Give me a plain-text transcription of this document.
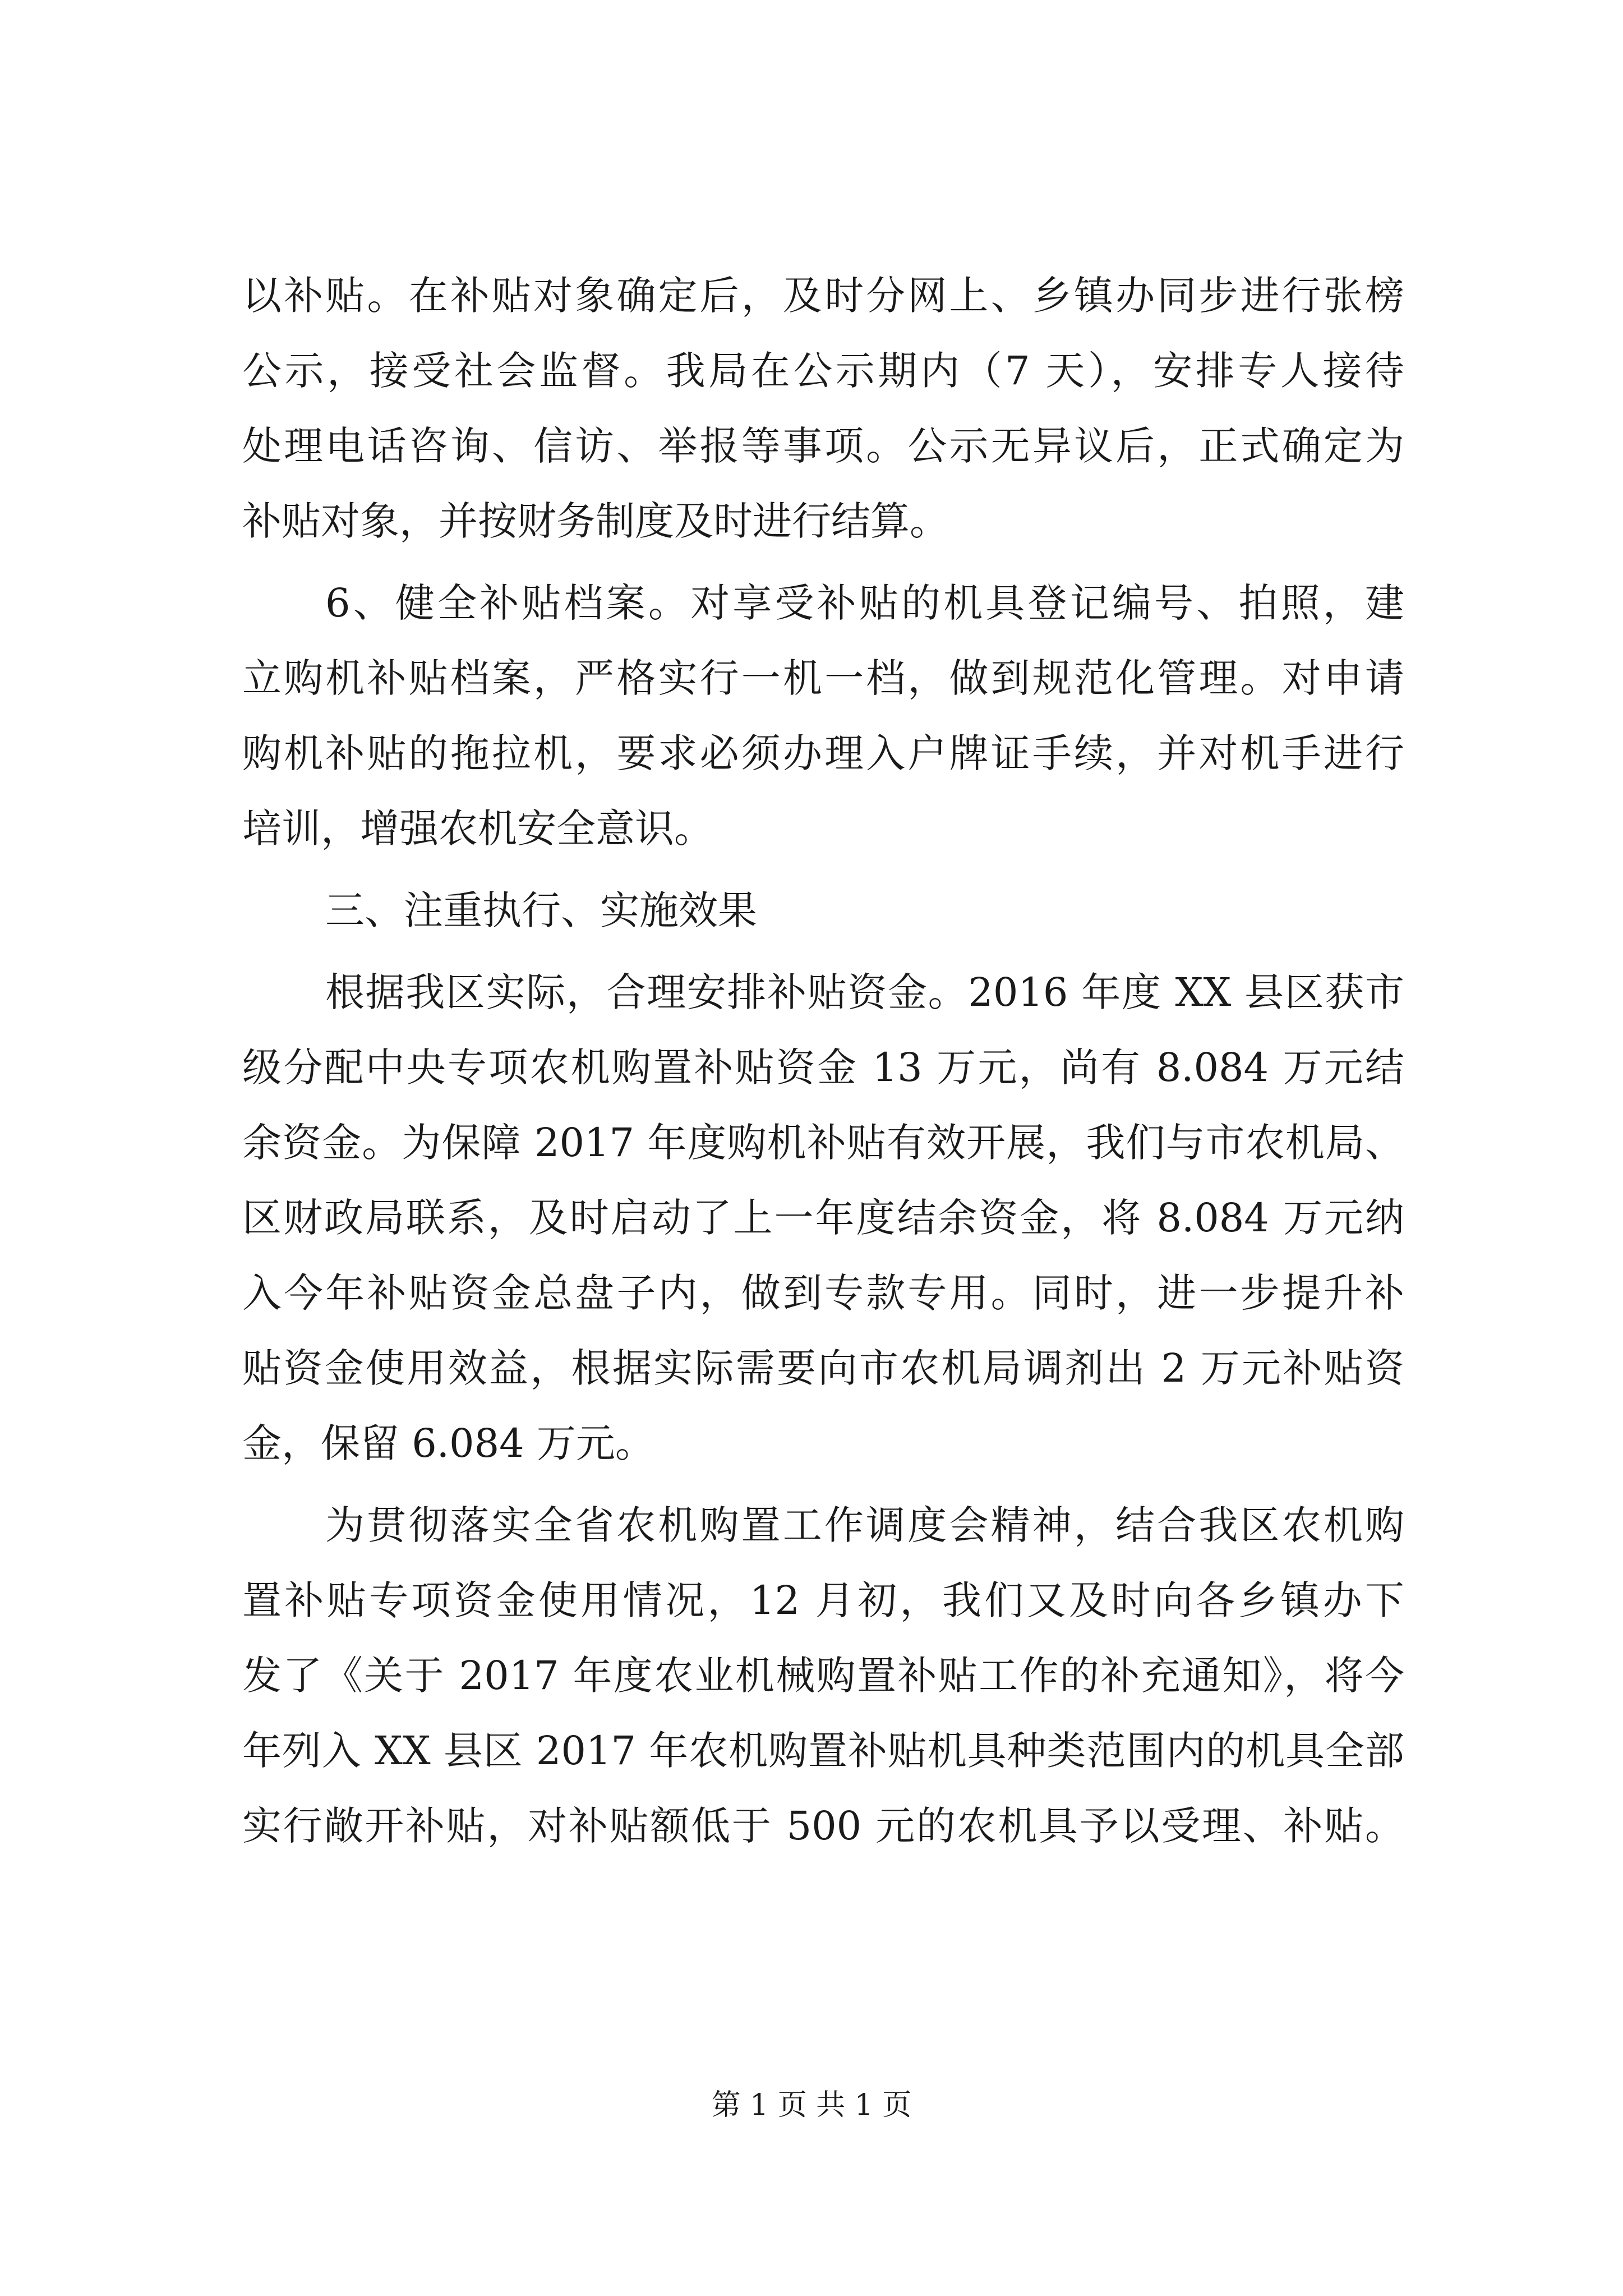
以补贴。在补贴对象确定后，及时分网上、乡镇办同步进行张榜
公示，接受社会监督。我局在公示期内（7 天），安排专人接待
处理电话咨询、信访、举报等事项。公示无异议后，正式确定为
补贴对象，并按财务制度及时进行结算。
6、健全补贴档案。对享受补贴的机具登记编号、拍照，建
立购机补贴档案，严格实行一机一档，做到规范化管理。对申请
购机补贴的拖拉机，要求必须办理入户牌证手续，并对机手进行
培训，增强农机安全意识。
三、注重执行、实施效果
根据我区实际，合理安排补贴资金。2016 年度 XX 县区获市
级分配中央专项农机购置补贴资金 13 万元，尚有 8.084 万元结
余资金。为保障 2017 年度购机补贴有效开展，我们与市农机局、
区财政局联系，及时启动了上一年度结余资金，将 8.084 万元纳
入今年补贴资金总盘子内，做到专款专用。同时，进一步提升补
贴资金使用效益，根据实际需要向市农机局调剂出 2 万元补贴资
金，保留 6.084 万元。
为贯彻落实全省农机购置工作调度会精神，结合我区农机购
置补贴专项资金使用情况，12 月初，我们又及时向各乡镇办下
发了《关于 2017 年度农业机械购置补贴工作的补充通知》，将今
年列入 XX 县区 2017 年农机购置补贴机具种类范围内的机具全部
实行敞开补贴，对补贴额低于 500 元的农机具予以受理、补贴。
第 1 页 共 1 页
